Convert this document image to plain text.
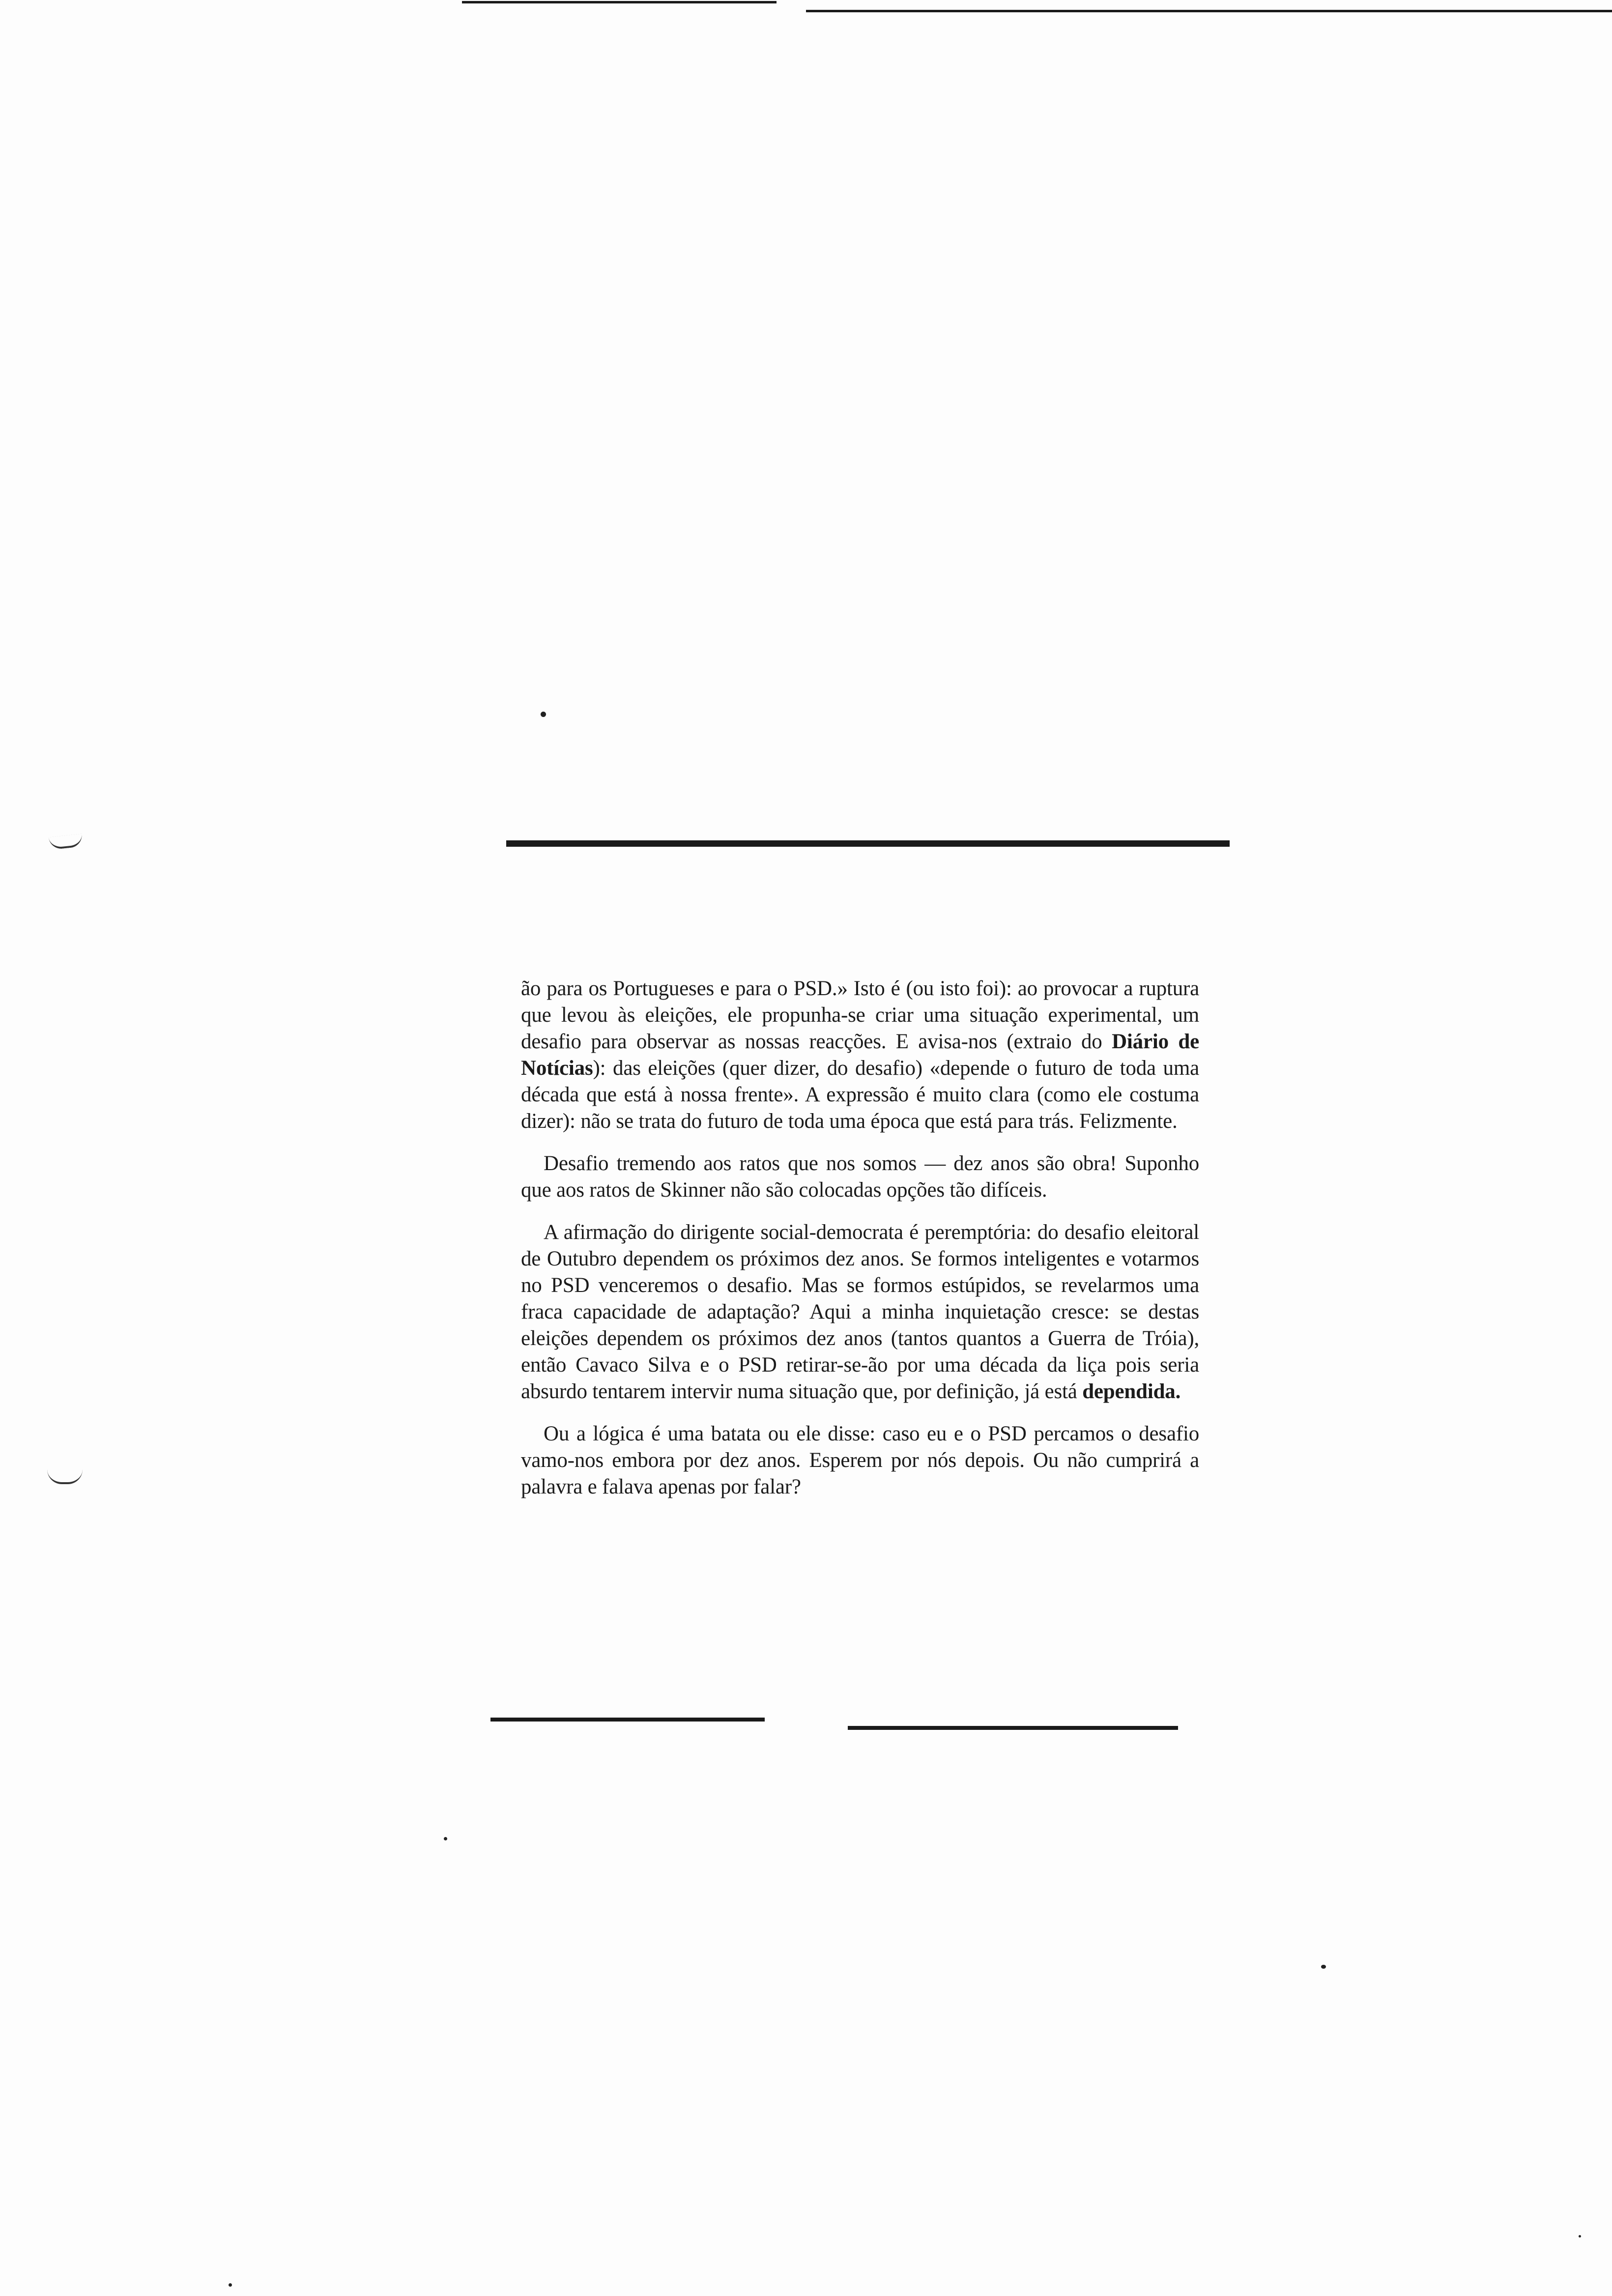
ão para os Portugueses e para o PSD.» Isto é (ou isto foi): ao provocar a ruptura que levou às eleições, ele propunha-se criar uma situação experimental, um desafio para observar as nossas reacções. E avisa-nos (extraio do Diário de Notícias): das eleições (quer dizer, do desafio) «depende o futuro de toda uma década que está à nossa frente». A expressão é muito clara (como ele costuma dizer): não se trata do futuro de toda uma época que está para trás. Felizmente.

Desafio tremendo aos ratos que nos somos — dez anos são obra! Suponho que aos ratos de Skinner não são colocadas opções tão difíceis.

A afirmação do dirigente social-democrata é peremptória: do desafio eleitoral de Outubro dependem os próximos dez anos. Se formos inteligentes e votarmos no PSD venceremos o desafio. Mas se formos estúpidos, se revelarmos uma fraca capacidade de adaptação? Aqui a minha inquietação cresce: se destas eleições dependem os próximos dez anos (tantos quantos a Guerra de Tróia), então Cavaco Silva e o PSD retirar-se-ão por uma década da liça pois seria absurdo tentarem intervir numa situação que, por definição, já está dependida.

Ou a lógica é uma batata ou ele disse: caso eu e o PSD percamos o desafio vamo-nos embora por dez anos. Esperem por nós depois. Ou não cumprirá a palavra e falava apenas por falar?
